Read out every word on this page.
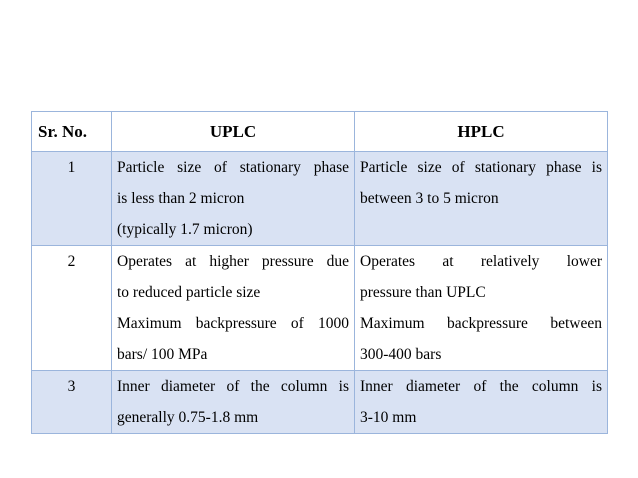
Sr. No.	UPLC	HPLC
1	Particle size of stationary phase
is less than 2 micron
(typically 1.7 micron)	Particle size of stationary phase is
between 3 to 5 micron

2	Operates at higher pressure due
to reduced particle size
Maximum backpressure of 1000
bars/ 100 MPa	Operates at relatively lower
pressure than UPLC
Maximum backpressure between
300-400 bars

3	Inner diameter of the column is
generally 0.75-1.8 mm	Inner diameter of the column is
3-10 mm
